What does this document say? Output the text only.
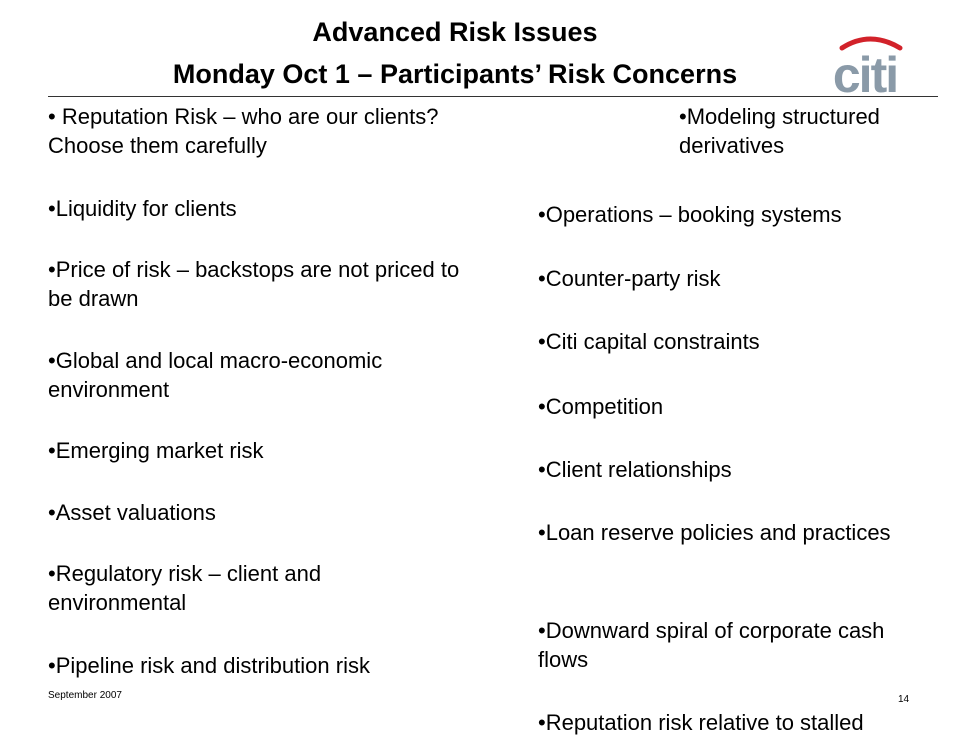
Advanced Risk Issues
Monday Oct 1 – Participants’ Risk Concerns	citi
• Reputation Risk – who are our clients? Choose them carefully
•Liquidity for clients
•Price of risk – backstops are not priced to be drawn
•Global and local macro-economic environment
•Emerging market risk
•Asset valuations
•Regulatory risk – client and environmental
•Pipeline risk and distribution risk
•Modeling structured derivatives
•Operations – booking systems
•Counter-party risk
•Citi capital constraints
•Competition
•Client relationships
•Loan reserve policies and practices
•Downward spiral of corporate cash flows
•Reputation risk relative to stalled
September 2007	14
